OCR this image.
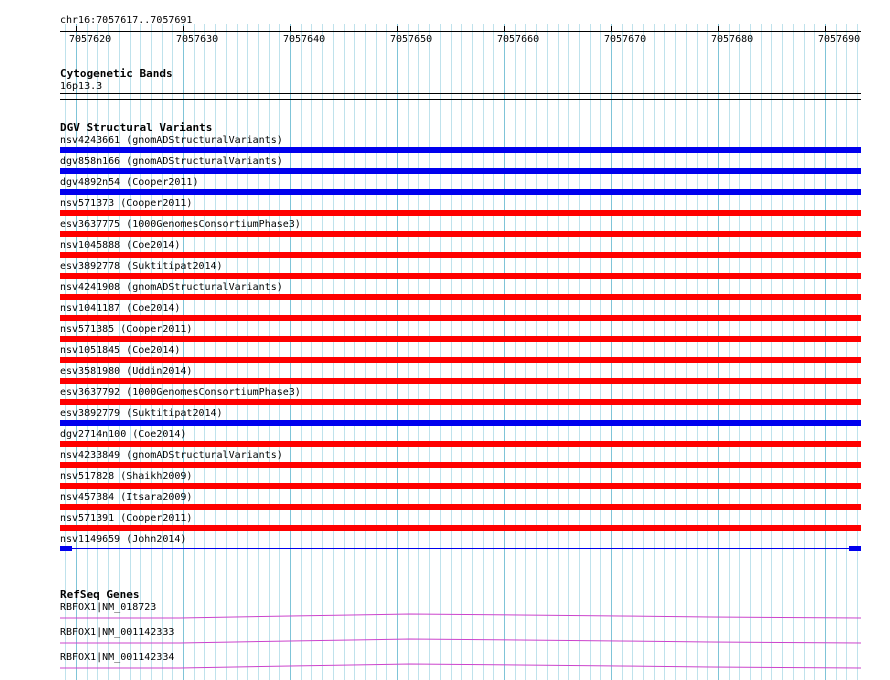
chr16:7057617..7057691
7057620	7057630	7057640	7057650	7057660	7057670	7057680	7057690
Cytogenetic Bands
16p13.3
DGV Structural Variants
nsv4243661 (gnomADStructuralVariants)
dgv858n166 (gnomADStructuralVariants)
dgv4892n54 (Cooper2011)
nsv571373 (Cooper2011)
esv3637775 (1000GenomesConsortiumPhase3)
nsv1045888 (Coe2014)
esv3892778 (Suktitipat2014)
nsv4241908 (gnomADStructuralVariants)
nsv1041187 (Coe2014)
nsv571385 (Cooper2011)
nsv1051845 (Coe2014)
esv3581980 (Uddin2014)
esv3637792 (1000GenomesConsortiumPhase3)
esv3892779 (Suktitipat2014)
dgv2714n100 (Coe2014)
nsv4233849 (gnomADStructuralVariants)
nsv517828 (Shaikh2009)
nsv457384 (Itsara2009)
nsv571391 (Cooper2011)
nsv1149659 (John2014)
RefSeq Genes
RBFOX1|NM_018723
RBFOX1|NM_001142333
RBFOX1|NM_001142334
